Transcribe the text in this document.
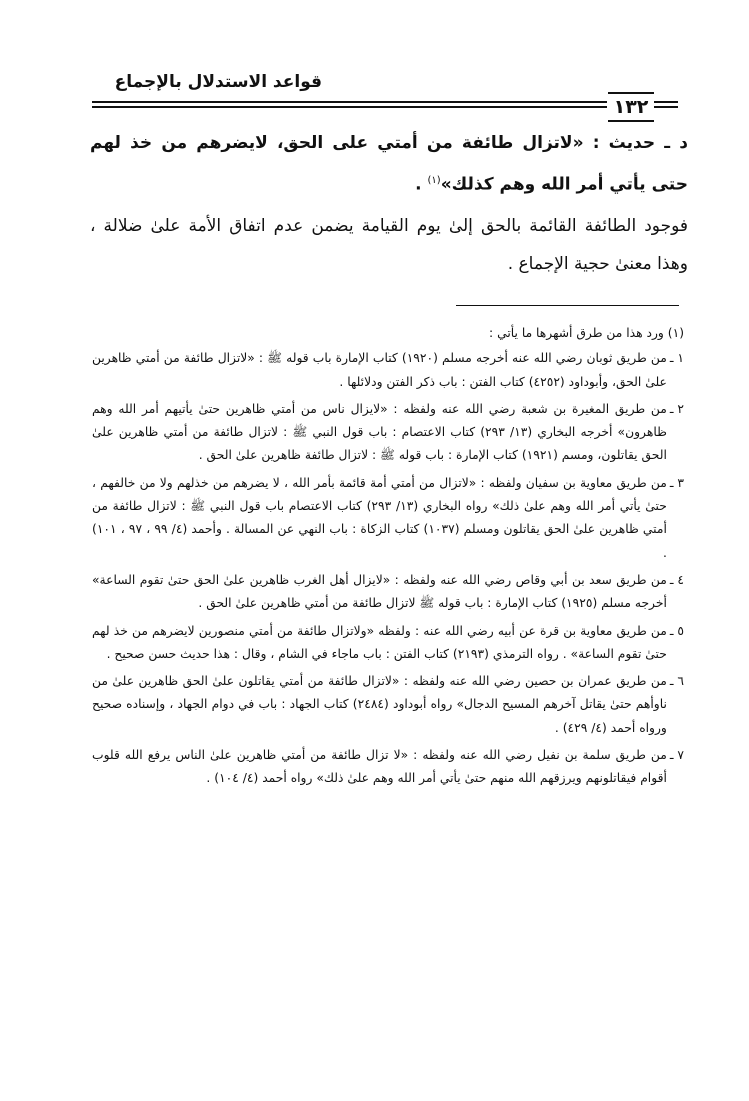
قواعد الاستدلال بالإجماع
١٣٢
د ـ حديث : «لاتزال طائفة من أمتي على الحق، لايضرهم من خذ لهم حتى يأتي أمر الله وهم كذلك»$^{(١)}$ .
فوجود الطائفة القائمة بالحق إلىٰ يوم القيامة يضمن عدم اتفاق الأمة علىٰ ضلالة ، وهذا معنىٰ حجية الإجماع .
(١) ورد هذا من طرق أشهرها ما يأتي :
١ ـ
من طريق ثوبان رضي الله عنه أخرجه مسلم (١٩٢٠) كتاب الإمارة باب قوله ﷺ : «لاتزال طائفة من أمتي ظاهرين علىٰ الحق، وأبوداود (٤٢٥٢) كتاب الفتن : باب ذكر الفتن ودلائلها .
٢ ـ
من طريق المغيرة بن شعبة رضي الله عنه ولفظه : «لايزال ناس من أمتي ظاهرين حتىٰ يأتيهم أمر الله وهم ظاهرون» أخرجه البخاري (١٣/ ٢٩٣) كتاب الاعتصام : باب قول النبي ﷺ : لاتزال طائفة من أمتي ظاهرين علىٰ الحق يقاتلون، ومسم (١٩٢١) كتاب الإمارة : باب قوله ﷺ : لاتزال طائفة ظاهرين علىٰ الحق .
٣ ـ
من طريق معاوية بن سفيان ولفظه : «لاتزال من أمتي أمة قائمة بأمر الله ، لا يضرهم من خذلهم ولا من خالفهم ، حتىٰ يأتي أمر الله وهم علىٰ ذلك» رواه البخاري (١٣/ ٢٩٣) كتاب الاعتصام باب قول النبي ﷺ : لاتزال طائفة من أمتي ظاهرين علىٰ الحق يقاتلون ومسلم (١٠٣٧) كتاب الزكاة : باب النهي عن المسالة . وأحمد (٤/ ٩٩ ، ٩٧ ، ١٠١) .
٤ ـ
من طريق سعد بن أبي وقاص رضي الله عنه ولفظه : «لايزال أهل الغرب ظاهرين علىٰ الحق حتىٰ تقوم الساعة» أخرجه مسلم (١٩٢٥) كتاب الإمارة : باب قوله ﷺ لاتزال طائفة من أمتي ظاهرين علىٰ الحق .
٥ ـ
من طريق معاوية بن قرة عن أبيه رضي الله عنه : ولفظه «ولاتزال طائفة من أمتي منصورين لايضرهم من خذ لهم حتىٰ تقوم الساعة» . رواه الترمذي (٢١٩٣) كتاب الفتن : باب ماجاء في الشام ، وقال : هذا حديث حسن صحيح .
٦ ـ
من طريق عمران بن حصين رضي الله عنه ولفظه : «لاتزال طائفة من أمتي يقاتلون علىٰ الحق ظاهرين علىٰ من ناوأهم حتىٰ يقاتل آخرهم المسيح الدجال» رواه أبوداود (٢٤٨٤) كتاب الجهاد : باب في دوام الجهاد ، وإسناده صحيح ورواه أحمد (٤/ ٤٢٩) .
٧ ـ
من طريق سلمة بن نفيل رضي الله عنه ولفظه : «لا تزال طائفة من أمتي ظاهرين علىٰ الناس يرفع الله قلوب أقوام فيقاتلونهم ويرزقهم الله منهم حتىٰ يأتي أمر الله وهم علىٰ ذلك» رواه أحمد (٤/ ١٠٤) .
